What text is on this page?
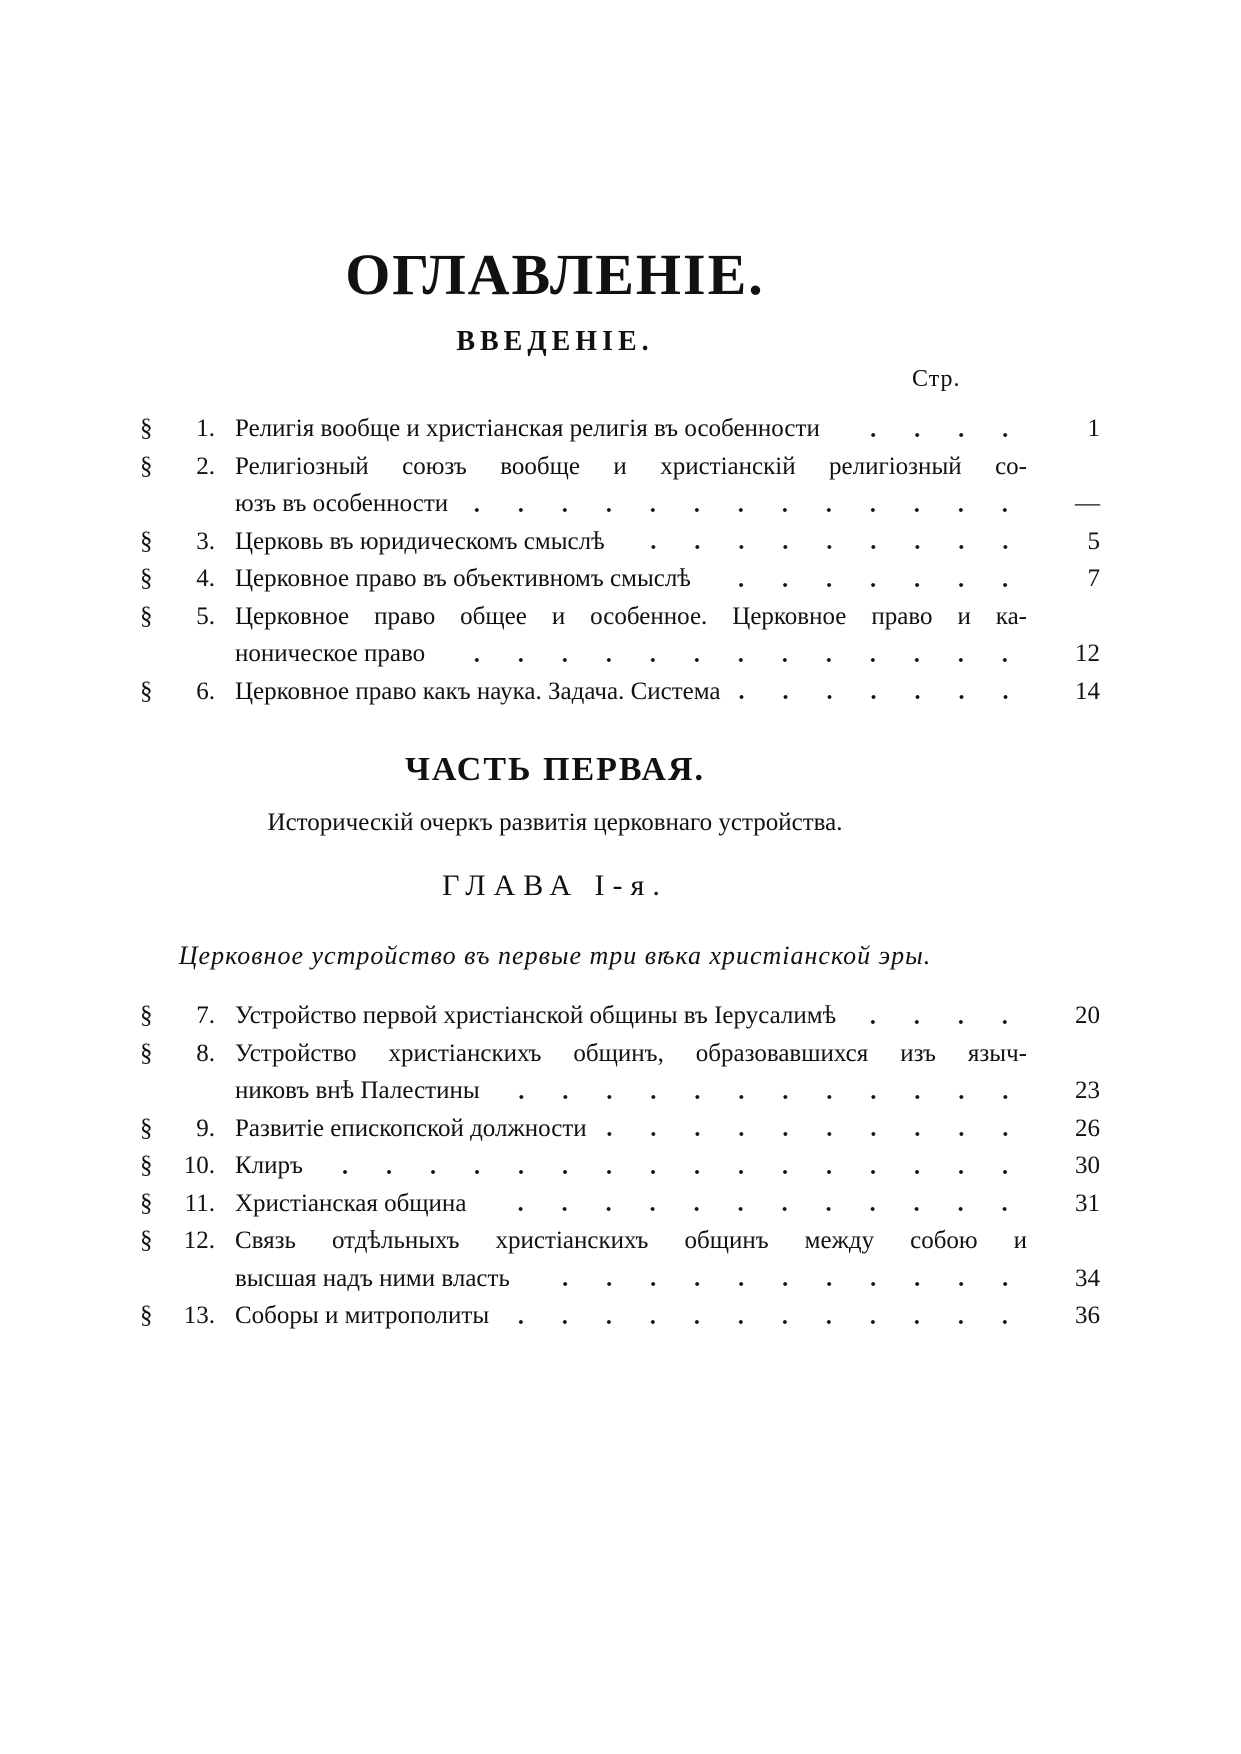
ОГЛАВЛЕНІЕ.
ВВЕДЕНІЕ.
Стр.
§	1. Религія вообще и христіанская религія въ особенности	1
§	2. Религіозный союзъ вообще и христіанскій религіозный со-
юзъ въ особенности	—
§	3. Церковь въ юридическомъ смыслѣ	5
§	4. Церковное право въ объективномъ смыслѣ	7
§	5. Церковное право общее и особенное. Церковное право и ка-
ноническое право	12
§	6. Церковное право какъ наука. Задача. Система	14
ЧАСТЬ ПЕРВАЯ.
Историческій очеркъ развитія церковнаго устройства.
ГЛАВА I-я.
Церковное устройство въ первые три вѣка христіанской эры.
§	7. Устройство первой христіанской общины въ Іерусалимѣ	20
§	8. Устройство христіанскихъ общинъ, образовавшихся изъ языч-
никовъ внѣ Палестины	23
§	9. Развитіе епископской должности	26
§	10. Клиръ	30
§	11. Христіанская община	31
§	12. Связь отдѣльныхъ христіанскихъ общинъ между собою и
высшая надъ ними власть	34
§	13. Соборы и митрополиты	36
